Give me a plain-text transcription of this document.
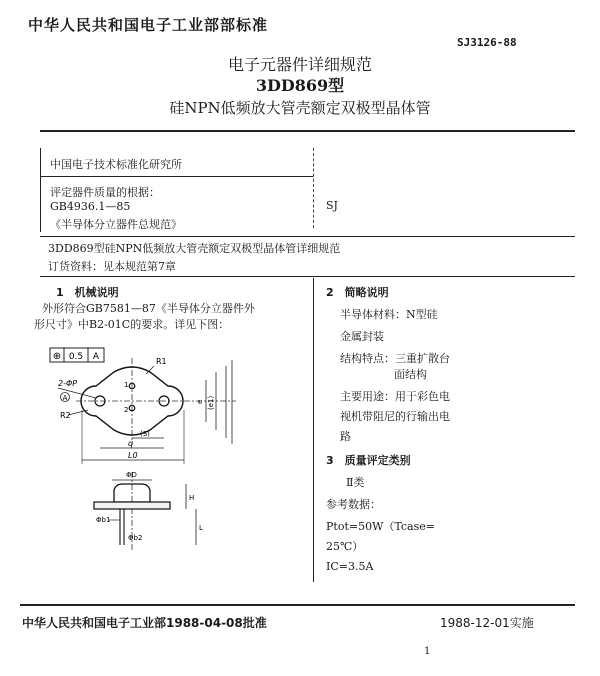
中华人民共和国电子工业部部标准
SJ3126-88
电子元器件详细规范
3DD869型
硅NPN低频放大管壳额定双极型晶体管
中国电子技术标准化研究所
评定器件质量的根据：
GB4936.1—85
《半导体分立器件总规范》
SJ
3DD869型硅NPN低频放大管壳额定双极型晶体管详细规范
订货资料：见本规范第7章
1　机械说明
外形符合GB7581—87《半导体分立器件外
形尺寸》中B2-01C的要求。详见下图：
⊕ 0.5 A
1
2
R1
2-ΦP
A
R2
e (e1)
(S)
q
L0
ΦD
Φb1
Φb2
H
L
2　简略说明
半导体材料：N型硅
金属封装
结构特点：三重扩散台
面结构
主要用途：用于彩色电
视机带阻尼的行输出电
路
3　质量评定类别
Ⅱ类
参考数据：
Ptot=50W（Tcase=
25℃）
IC=3.5A
中华人民共和国电子工业部1988-04-08批准	1988-12-01实施
1
